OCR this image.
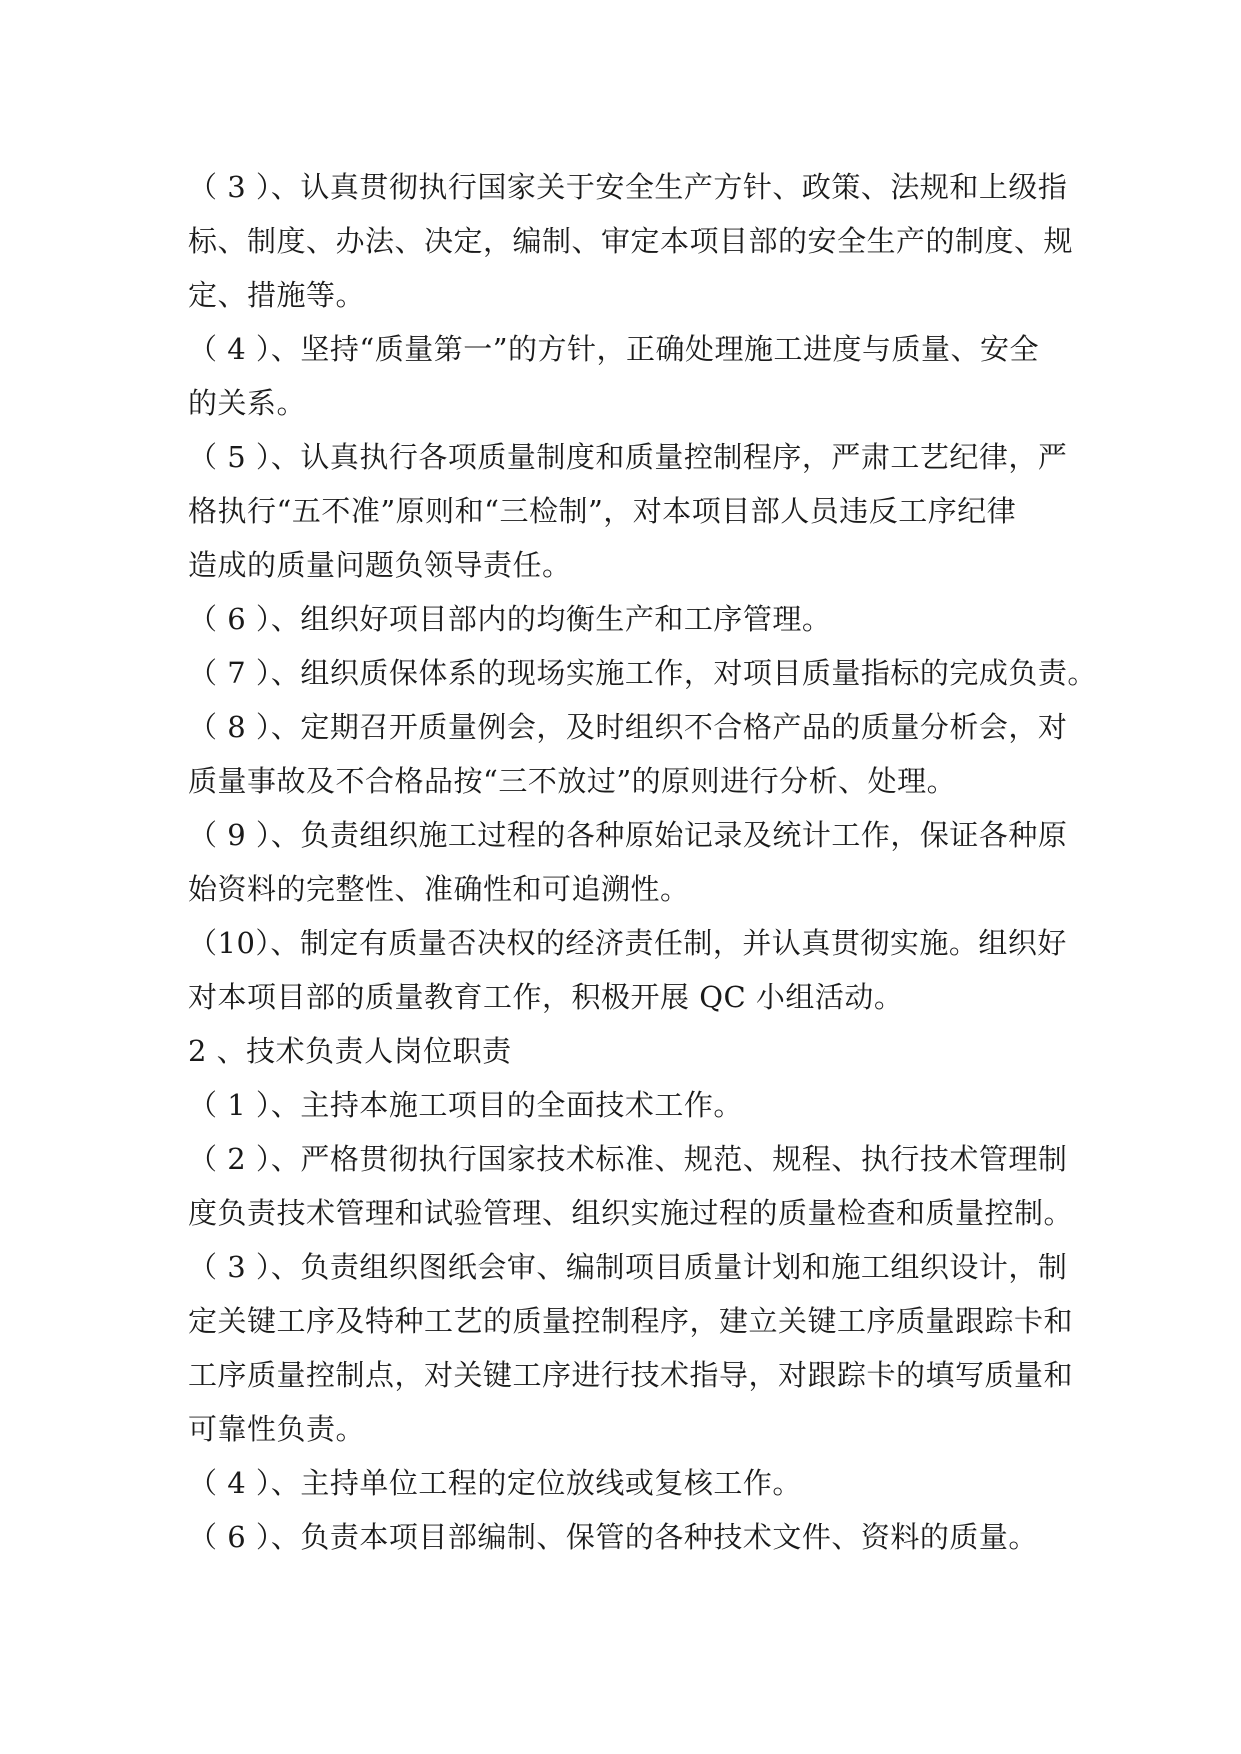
（ 3 ）、认真贯彻执行国家关于安全生产方针、政策、法规和上级指
标、制度、办法、决定，编制、审定本项目部的安全生产的制度、规
定、措施等。
（ 4 ）、坚持“质量第一”的方针，正确处理施工进度与质量、安全
的关系。
（ 5 ）、认真执行各项质量制度和质量控制程序，严肃工艺纪律，严
格执行“五不准”原则和“三检制”，对本项目部人员违反工序纪律
造成的质量问题负领导责任。
（ 6 ）、组织好项目部内的均衡生产和工序管理。
（ 7 ）、组织质保体系的现场实施工作，对项目质量指标的完成负责。
（ 8 ）、定期召开质量例会，及时组织不合格产品的质量分析会，对
质量事故及不合格品按“三不放过”的原则进行分析、处理。
（ 9 ）、负责组织施工过程的各种原始记录及统计工作，保证各种原
始资料的完整性、准确性和可追溯性。
（10）、制定有质量否决权的经济责任制，并认真贯彻实施。组织好
对本项目部的质量教育工作，积极开展 QC 小组活动。
2 、技术负责人岗位职责
（ 1 ）、主持本施工项目的全面技术工作。
（ 2 ）、严格贯彻执行国家技术标准、规范、规程、执行技术管理制
度负责技术管理和试验管理、组织实施过程的质量检查和质量控制。
（ 3 ）、负责组织图纸会审、编制项目质量计划和施工组织设计，制
定关键工序及特种工艺的质量控制程序，建立关键工序质量跟踪卡和
工序质量控制点，对关键工序进行技术指导，对跟踪卡的填写质量和
可靠性负责。
（ 4 ）、主持单位工程的定位放线或复核工作。
（ 6 ）、负责本项目部编制、保管的各种技术文件、资料的质量。
